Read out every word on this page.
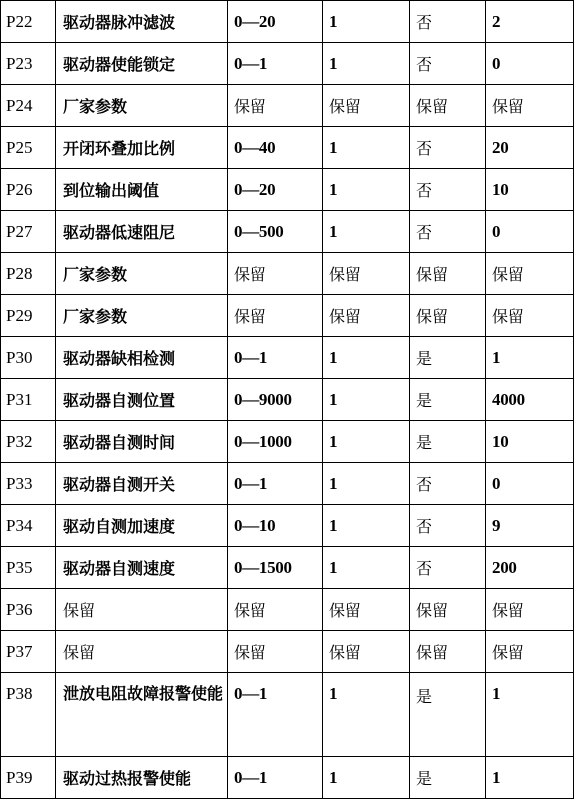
P22	驱动器脉冲滤波	0—20	1	否	2
P23	驱动器使能锁定	0—1	1	否	0
P24	厂家参数	保留	保留	保留	保留
P25	开闭环叠加比例	0—40	1	否	20
P26	到位输出阈值	0—20	1	否	10
P27	驱动器低速阻尼	0—500	1	否	0
P28	厂家参数	保留	保留	保留	保留
P29	厂家参数	保留	保留	保留	保留
P30	驱动器缺相检测	0—1	1	是	1
P31	驱动器自测位置	0—9000	1	是	4000
P32	驱动器自测时间	0—1000	1	是	10
P33	驱动器自测开关	0—1	1	否	0
P34	驱动自测加速度	0—10	1	否	9
P35	驱动器自测速度	0—1500	1	否	200
P36	保留	保留	保留	保留	保留
P37	保留	保留	保留	保留	保留
P38	泄放电阻故障报警使能	0—1	1	是	1
P39	驱动过热报警使能	0—1	1	是	1
